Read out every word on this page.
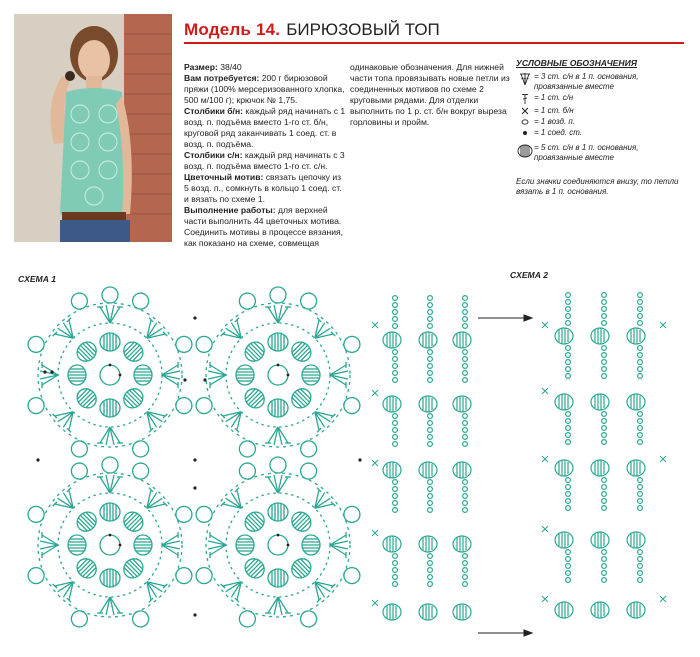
Модель 14. БИРЮЗОВЫЙ ТОП

Размер: 38/40

Вам потребуется: 200 г бирюзовой пряжи (100% мерсеризованного хлопка, 500 м/100 г); крючок № 1,75.

Столбики б/н: каждый ряд начинать с 1 возд. п. подъёма вместо 1-го ст. б/н, круговой ряд заканчивать 1 соед. ст. в возд. п. подъёма.

Столбики с/н: каждый ряд начинать с 3 возд. п. подъёма вместо 1-го ст. с/н.

Цветочный мотив: связать цепочку из 5 возд. п., сомкнуть в кольцо 1 соед. ст. и вязать по схеме 1.

Выполнение работы: для верхней части выполнить 44 цветочных мотива. Соединить мотивы в процессе вязания, как показано на схеме, совмещая

одинаковые обозначения. Для нижней части топа провязывать новые петли из соединенных мотивов по схеме 2 круговыми рядами. Для отделки выполнить по 1 р. ст. б/н вокруг выреза горловины и пройм.

УСЛОВНЫЕ ОБОЗНАЧЕНИЯ
= 3 ст. с/н в 1 п. основания, провязанные вместе
= 1 ст. с/н
= 1 ст. б/н
= 1 возд. п.
= 1 соед. ст.
= 5 ст. с/н в 1 п. основания, провязанные вместе
Если значки соединяются внизу, то петли вязать в 1 п. основания.
СХЕМА 1	СХЕМА 2
